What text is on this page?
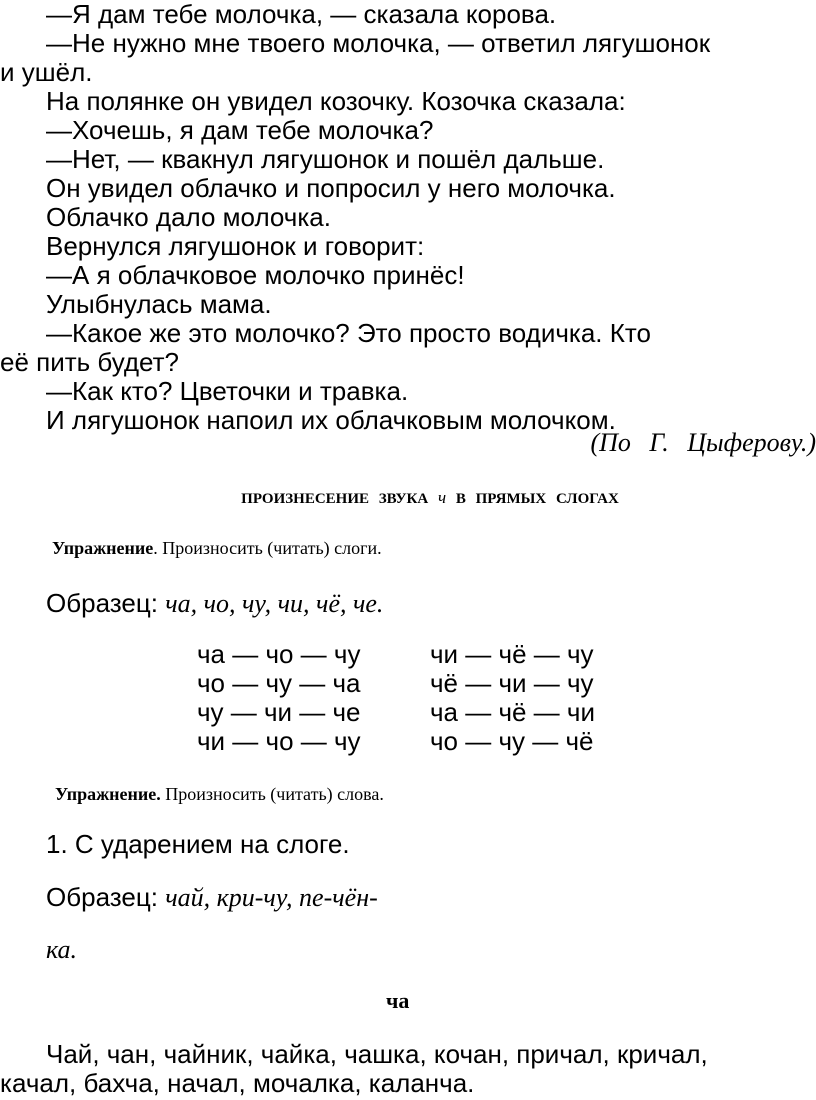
—Я дам тебе молочка, — сказала корова.
—Не нужно мне твоего молочка, — ответил лягушонок
и ушёл.
На полянке он увидел козочку. Козочка сказала:
—Хочешь, я дам тебе молочка?
—Нет, — квакнул лягушонок и пошёл дальше.
Он увидел облачко и попросил у него молочка.
Облачко дало молочка.
Вернулся лягушонок и говорит:
—А я облачковое молочко принёс!
Улыбнулась мама.
—Какое же это молочко? Это просто водичка. Кто
её пить будет?
—Как кто? Цветочки и травка.
И лягушонок напоил их облачковым молочком.
(По Г. Цыферову.)
ПРОИЗНЕСЕНИЕ ЗВУКА ч В ПРЯМЫХ СЛОГАХ
Упражнение. Произносить (читать) слоги.
Образец: ча, чо, чу, чи, чё, че.
ча — чо — чу
чо — чу — ча
чу — чи — че
чи — чо — чу
чи — чё — чу
чё — чи — чу
ча — чё — чи
чо — чу — чё
Упражнение. Произносить (читать) слова.
1. С ударением на слоге.
Образец: чай, кри-чу, пе-чён-
ка.
ча
Чай, чан, чайник, чайка, чашка, кочан, причал, кричал,
качал, бахча, начал, мочалка, каланча.
